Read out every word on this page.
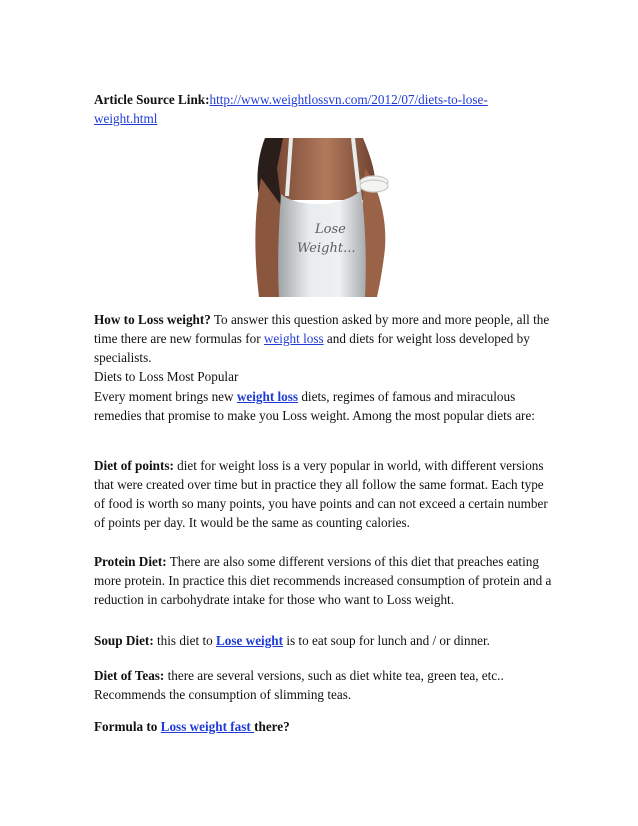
Article Source Link:http://www.weightlossvn.com/2012/07/diets-to-lose-
weight.html

Lose
Weight...

How to Loss weight? To answer this question asked by more and more people, all the time there are new formulas for weight loss and diets for weight loss developed by specialists.
Diets to Loss Most Popular

Every moment brings new weight loss diets, regimes of famous and miraculous remedies that promise to make you Loss weight. Among the most popular diets are:

Diet of points: diet for weight loss is a very popular in world, with different versions that were created over time but in practice they all follow the same format. Each type of food is worth so many points, you have points and can not exceed a certain number of points per day. It would be the same as counting calories.

Protein Diet: There are also some different versions of this diet that preaches eating more protein. In practice this diet recommends increased consumption of protein and a reduction in carbohydrate intake for those who want to Loss weight.

Soup Diet: this diet to Lose weight is to eat soup for lunch and / or dinner.

Diet of Teas: there are several versions, such as diet white tea, green tea, etc.. Recommends the consumption of slimming teas.

Formula to Loss weight fast there?
